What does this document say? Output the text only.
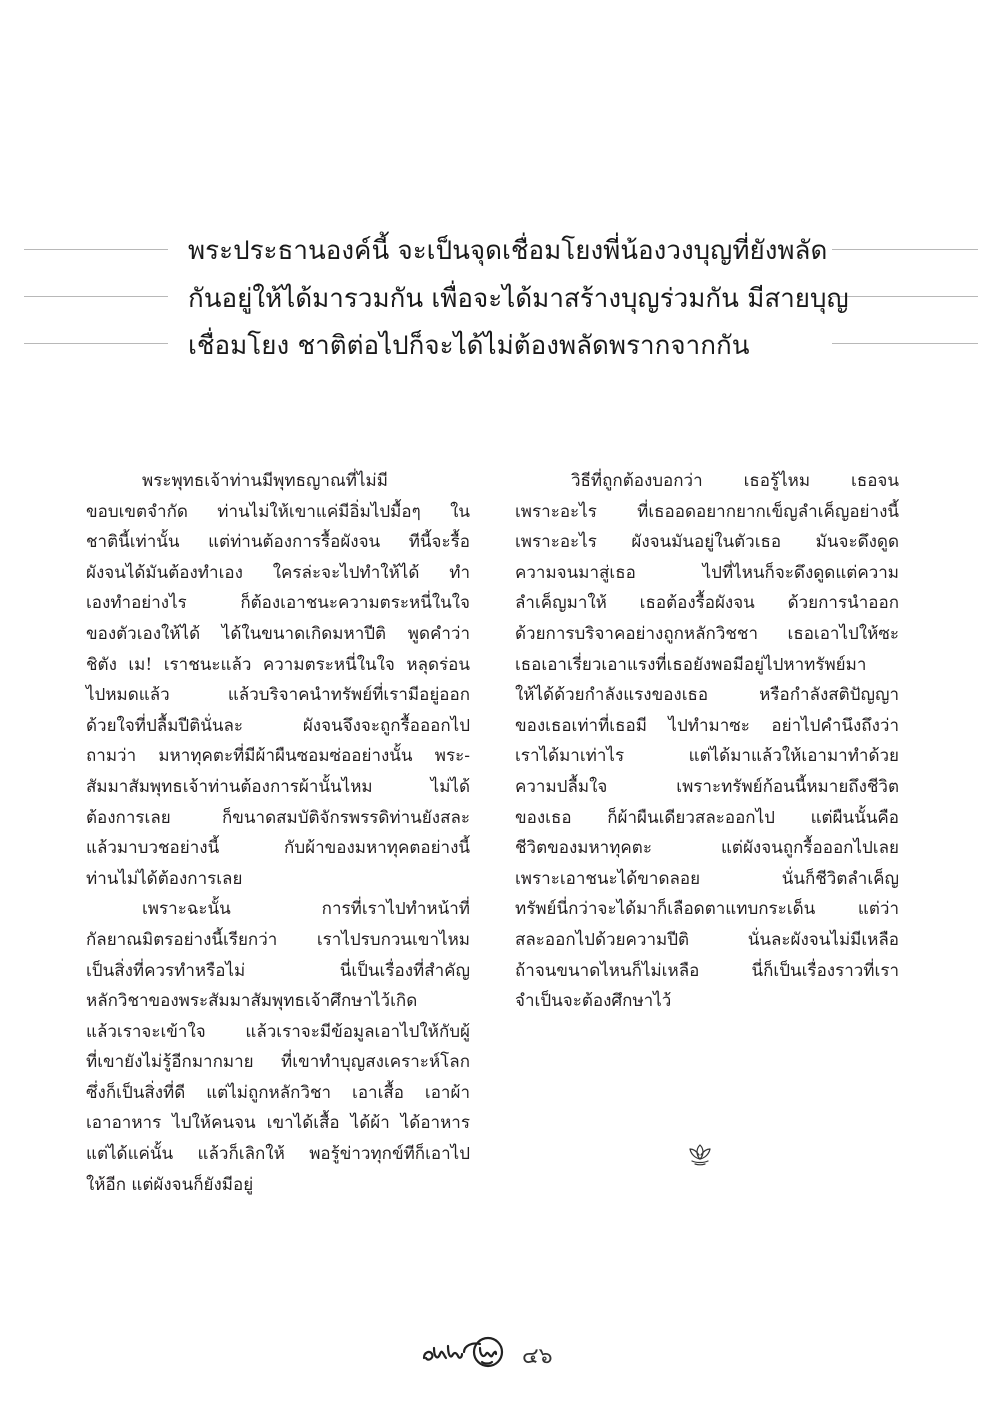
พระประธานองค์นี้ จะเป็นจุดเชื่อมโยงพี่น้องวงบุญที่ยังพลัด
กันอยู่ให้ได้มารวมกัน เพื่อจะได้มาสร้างบุญร่วมกัน มีสายบุญ
เชื่อมโยง ชาติต่อไปก็จะได้ไม่ต้องพลัดพรากจากกัน
พระพุทธเจ้าท่านมีพุทธญาณที่ไม่มี
ขอบเขตจำกัด ท่านไม่ให้เขาแค่มีอิ่มไปมื้อๆ ใน
ชาตินี้เท่านั้น แต่ท่านต้องการรื้อผังจน ทีนี้จะรื้อ
ผังจนได้มันต้องทำเอง ใครล่ะจะไปทำให้ได้ ทำ
เองทำอย่างไร ก็ต้องเอาชนะความตระหนี่ในใจ
ของตัวเองให้ได้ ได้ในขนาดเกิดมหาปีติ พูดคำว่า
ชิตัง เม! เราชนะแล้ว ความตระหนี่ในใจ หลุดร่อน
ไปหมดแล้ว แล้วบริจาคนำทรัพย์ที่เรามีอยู่ออก
ด้วยใจที่ปลื้มปีตินั่นละ ผังจนจึงจะถูกรื้อออกไป
ถามว่า มหาทุคตะที่มีผ้าผืนซอมซ่ออย่างนั้น พระ-
สัมมาสัมพุทธเจ้าท่านต้องการผ้านั้นไหม ไม่ได้
ต้องการเลย ก็ขนาดสมบัติจักรพรรดิท่านยังสละ
แล้วมาบวชอย่างนี้ กับผ้าของมหาทุคตอย่างนี้
ท่านไม่ได้ต้องการเลย
เพราะฉะนั้น การที่เราไปทำหน้าที่
กัลยาณมิตรอย่างนี้เรียกว่า เราไปรบกวนเขาไหม
เป็นสิ่งที่ควรทำหรือไม่ นี่เป็นเรื่องที่สำคัญ
หลักวิชาของพระสัมมาสัมพุทธเจ้าศึกษาไว้เกิด
แล้วเราจะเข้าใจ แล้วเราจะมีข้อมูลเอาไปให้กับผู้
ที่เขายังไม่รู้อีกมากมาย ที่เขาทำบุญสงเคราะห์โลก
ซึ่งก็เป็นสิ่งที่ดี แต่ไม่ถูกหลักวิชา เอาเสื้อ เอาผ้า
เอาอาหาร ไปให้คนจน เขาได้เสื้อ ได้ผ้า ได้อาหาร
แต่ได้แค่นั้น แล้วก็เลิกให้ พอรู้ข่าวทุกข์ทีก็เอาไป
ให้อีก แต่ผังจนก็ยังมีอยู่
วิธีที่ถูกต้องบอกว่า เธอรู้ไหม เธอจน
เพราะอะไร ที่เธออดอยากยากเข็ญลำเค็ญอย่างนี้
เพราะอะไร ผังจนมันอยู่ในตัวเธอ มันจะดึงดูด
ความจนมาสู่เธอ ไปที่ไหนก็จะดึงดูดแต่ความ
ลำเค็ญมาให้ เธอต้องรื้อผังจน ด้วยการนำออก
ด้วยการบริจาคอย่างถูกหลักวิชชา เธอเอาไปให้ซะ
เธอเอาเรี่ยวเอาแรงที่เธอยังพอมีอยู่ไปหาทรัพย์มา
ให้ได้ด้วยกำลังแรงของเธอ หรือกำลังสติปัญญา
ของเธอเท่าที่เธอมี ไปทำมาซะ อย่าไปคำนึงถึงว่า
เราได้มาเท่าไร แต่ได้มาแล้วให้เอามาทำด้วย
ความปลื้มใจ เพราะทรัพย์ก้อนนี้หมายถึงชีวิต
ของเธอ ก็ผ้าผืนเดียวสละออกไป แต่ผืนนั้นคือ
ชีวิตของมหาทุคตะ แต่ผังจนถูกรื้อออกไปเลย
เพราะเอาชนะได้ขาดลอย นั่นก็ชีวิตลำเค็ญ
ทรัพย์นี่กว่าจะได้มาก็เลือดตาแทบกระเด็น แต่ว่า
สละออกไปด้วยความปีติ นั่นละผังจนไม่มีเหลือ
ถ้าจนขนาดไหนก็ไม่เหลือ นี่ก็เป็นเรื่องราวที่เรา
จำเป็นจะต้องศึกษาไว้
๔๖
